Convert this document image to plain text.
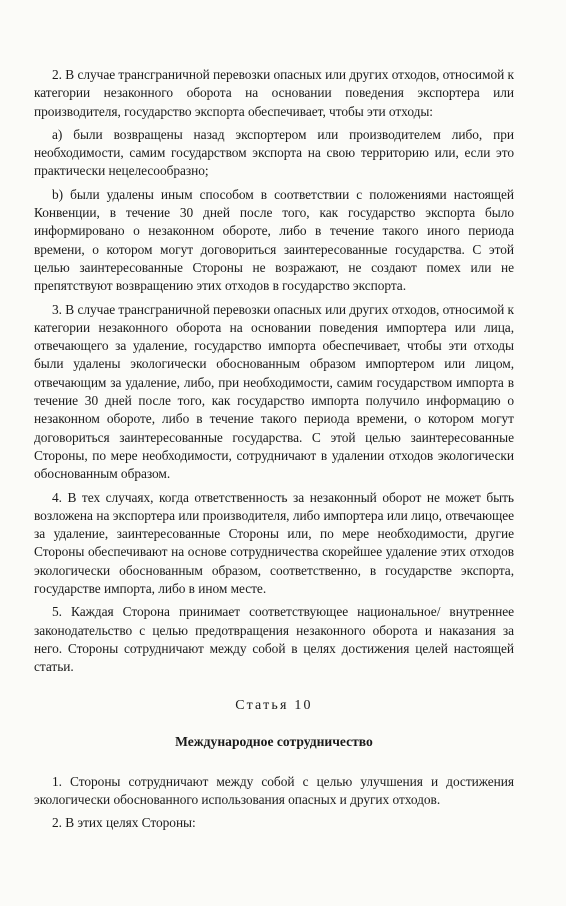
2. В случае трансграничной перевозки опасных или других отходов, относимой к категории незаконного оборота на основании поведения экспортера или производителя, государство экспорта обеспечивает, чтобы эти отходы:

а) были возвращены назад экспортером или производителем либо, при необходимости, самим государством экспорта на свою территорию или, если это практически нецелесообразно;

b) были удалены иным способом в соответствии с положениями настоящей Конвенции, в течение 30 дней после того, как государство экспорта было информировано о незаконном обороте, либо в течение такого иного периода времени, о котором могут договориться заинтересованные государства. С этой целью заинтересованные Стороны не возражают, не создают помех или не препятствуют возвращению этих отходов в государство экспорта.

3. В случае трансграничной перевозки опасных или других отходов, относимой к категории незаконного оборота на основании поведения импортера или лица, отвечающего за удаление, государство импорта обеспечивает, чтобы эти отходы были удалены экологически обоснованным образом импортером или лицом, отвечающим за удаление, либо, при необходимости, самим государством импорта в течение 30 дней после того, как государство импорта получило информацию о незаконном обороте, либо в течение такого периода времени, о котором могут договориться заинтересованные государства. С этой целью заинтересованные Стороны, по мере необходимости, сотрудничают в удалении отходов экологически обоснованным образом.

4. В тех случаях, когда ответственность за незаконный оборот не может быть возложена на экспортера или производителя, либо импортера или лицо, отвечающее за удаление, заинтересованные Стороны или, по мере необходимости, другие Стороны обеспечивают на основе сотрудничества скорейшее удаление этих отходов экологически обоснованным образом, соответственно, в государстве экспорта, государстве импорта, либо в ином месте.

5. Каждая Сторона принимает соответствующее национальное/ внутреннее законодательство с целью предотвращения незаконного оборота и наказания за него. Стороны сотрудничают между собой в целях достижения целей настоящей статьи.

Статья 10
Международное сотрудничество

1. Стороны сотрудничают между собой с целью улучшения и достижения экологически обоснованного использования опасных и других отходов.

2. В этих целях Стороны:
